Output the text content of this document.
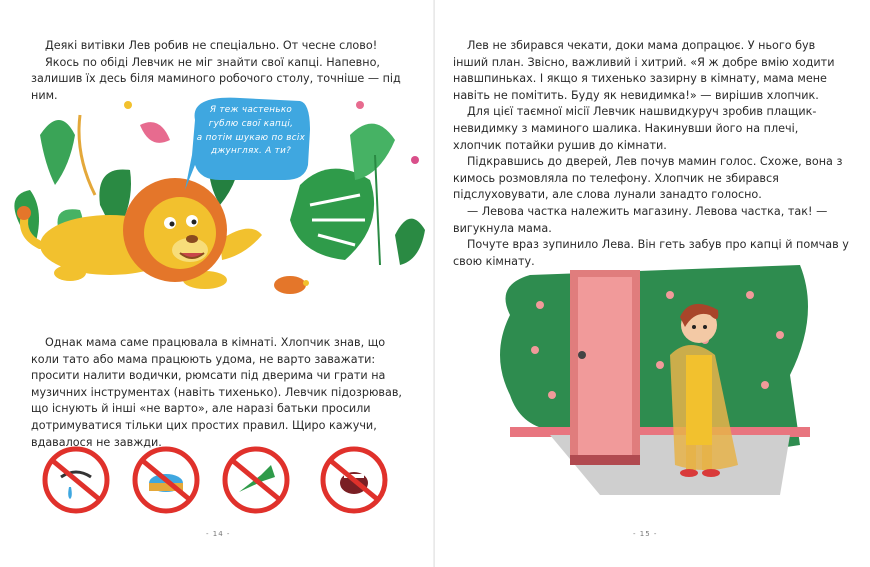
Деякі витівки Лев робив не спеціально. От чесне слово!

Якось по обіді Левчик не міг знайти свої капці. Напевно, залишив їх десь біля маминого робочого столу, точніше — під ним.

Я теж частенько
гублю свої капці,
а потім шукаю по всіх
джунглях. А ти?
Однак мама саме працювала в кімнаті. Хлопчик знав, що коли тато або мама працюють удома, не варто заважати: просити налити водички, рюмсати під дверима чи грати на музичних інструментах (навіть тихенько). Левчик підозрював, що існують й інші «не варто», але наразі батьки просили дотримуватися тільки цих простих правил. Щиро кажучи, вдавалося не завжди.
- 14 -

Лев не збирався чекати, доки мама допрацює. У нього був інший план. Звісно, важливий і хитрий. «Я ж добре вмію ходити навшпиньках. І якщо я тихенько зазирну в кімнату, мама мене навіть не помітить. Буду як невидимка!» — вирішив хлопчик.

Для цієї таємної місії Левчик нашвидкуруч зробив плащик-невидимку з маминого шалика. Накинувши його на плечі, хлопчик потайки рушив до кімнати.

Підкравшись до дверей, Лев почув мамин голос. Схоже, вона з кимось розмовляла по телефону. Хлопчик не збирався підслуховувати, але слова лунали занадто голосно.

— Левова частка належить магазину. Левова частка, так! — вигукнула мама.

Почуте враз зупинило Лева. Він геть забув про капці й помчав у свою кімнату.

- 15 -
